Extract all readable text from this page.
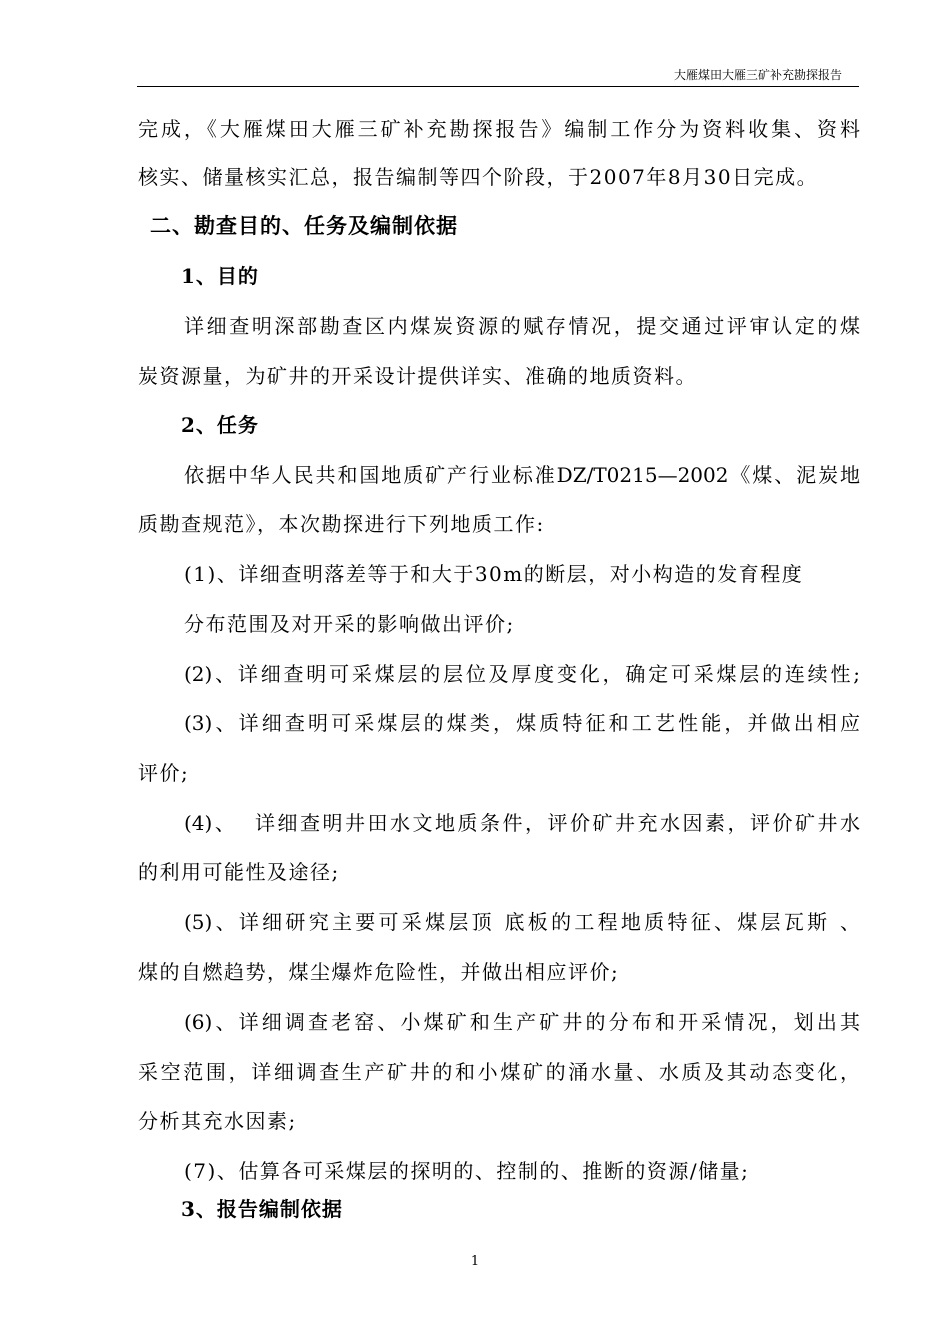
大雁煤田大雁三矿补充勘探报告
完成，《大雁煤田大雁三矿补充勘探报告》编制工作分为资料收集、资料
核实、储量核实汇总，报告编制等四个阶段，于2007年8月30日完成。
二、勘查目的、任务及编制依据
1、目的
详细查明深部勘查区内煤炭资源的赋存情况，提交通过评审认定的煤
炭资源量，为矿井的开采设计提供详实、准确的地质资料。
2、任务
依据中华人民共和国地质矿产行业标准DZ/T0215—2002《煤、泥炭地
质勘查规范》，本次勘探进行下列地质工作:
(1)、详细查明落差等于和大于30m的断层，对小构造的发育程度
分布范围及对开采的影响做出评价;
(2)、详细查明可采煤层的层位及厚度变化，确定可采煤层的连续性;
(3)、详细查明可采煤层的煤类，煤质特征和工艺性能，并做出相应
评价;
(4)、  详细查明井田水文地质条件，评价矿井充水因素，评价矿井水
的利用可能性及途径;
(5)、详细研究主要可采煤层顶 底板的工程地质特征、煤层瓦斯 、
煤的自燃趋势，煤尘爆炸危险性，并做出相应评价;
(6)、详细调查老窑、小煤矿和生产矿井的分布和开采情况，划出其
采空范围，详细调查生产矿井的和小煤矿的涌水量、水质及其动态变化，
分析其充水因素;
(7)、估算各可采煤层的探明的、控制的、推断的资源/储量;
3、报告编制依据
1
